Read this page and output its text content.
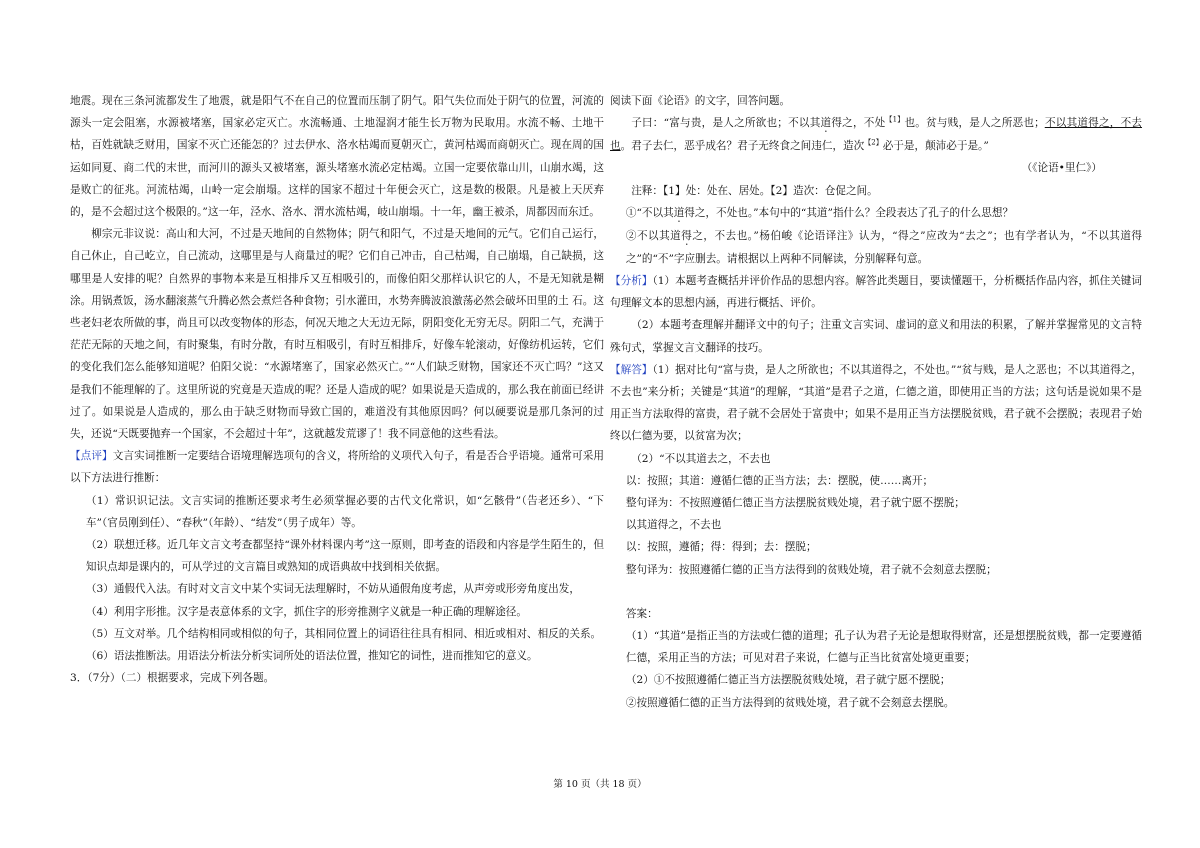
地震。现在三条河流都发生了地震，就是阳气不在自己的位置而压制了阴气。阳气失位而处于阴气的位置，河流的源头一定会阻塞，水源被堵塞，国家必定灭亡。水流畅通、土地湿润才能生长万物为民取用。水流不畅、土地干枯，百姓就缺乏财用，国家不灭亡还能怎的？过去伊水、洛水枯竭而夏朝灭亡，黄河枯竭而商朝灭亡。现在周的国运如同夏、商二代的末世，而河川的源头又被堵塞，源头堵塞水流必定枯竭。立国一定要依靠山川，山崩水竭，这是败亡的征兆。河流枯竭，山岭一定会崩塌。这样的国家不超过十年便会灭亡，这是数的极限。凡是被上天厌弃的，是不会超过这个极限的。”这一年，泾水、洛水、渭水流枯竭，岐山崩塌。十一年，幽王被杀，周都因而东迁。

柳宗元非议说：高山和大河，不过是天地间的自然物体；阴气和阳气，不过是天地间的元气。它们自己运行，自己休止，自己屹立，自己流动，这哪里是与人商量过的呢？它们自己冲击，自己枯竭，自己崩塌，自己缺损，这哪里是人安排的呢？自然界的事物本来是互相排斥又互相吸引的，而像伯阳父那样认识它的人，不是无知就是糊涂。用锅煮饭，汤水翻滚蒸气升腾必然会煮烂各种食物；引水灌田，水势奔腾波浪激荡必然会破坏田里的土 石。这些老妇老农所做的事，尚且可以改变物体的形态，何况天地之大无边无际，阴阳变化无穷无尽。阴阳二气，充满于茫茫无际的天地之间，有时聚集，有时分散，有时互相吸引，有时互相排斥，好像车轮滚动，好像纺机运转，它们的变化我们怎么能够知道呢？伯阳父说：“水源堵塞了，国家必然灭亡。”“人们缺乏财物，国家还不灭亡吗？”这又是我们不能理解的了。这里所说的究竟是天造成的呢？还是人造成的呢？如果说是天造成的，那么我在前面已经讲过了。如果说是人造成的，那么由于缺乏财物而导致亡国的，难道没有其他原因吗？何以硬要说是那几条河的过失，还说“天既要抛弃一个国家，不会超过十年”，这就越发荒谬了！我不同意他的这些看法。

【点评】文言实词推断一定要结合语境理解选项句的含义，将所给的义项代入句子，看是否合乎语境。通常可采用以下方法进行推断：

（1）常识识记法。文言实词的推断还要求考生必须掌握必要的古代文化常识，如“乞骸骨”（告老还乡）、“下车”（官员刚到任）、“春秋”（年龄）、“结发”（男子成年）等。

（2）联想迁移。近几年文言文考查都坚持“课外材料课内考”这一原则，即考查的语段和内容是学生陌生的，但知识点却是课内的，可从学过的文言篇目或熟知的成语典故中找到相关依据。

（3）通假代入法。有时对文言文中某个实词无法理解时，不妨从通假角度考虑，从声旁或形旁角度出发，

（4）利用字形推。汉字是表意体系的文字，抓住字的形旁推测字义就是一种正确的理解途径。

（5）互文对举。几个结构相同或相似的句子，其相同位置上的词语往往具有相同、相近或相对、相反的关系。

（6）语法推断法。用语法分析法分析实词所处的语法位置，推知它的词性，进而推知它的意义。

3．（7分）（二）根据要求，完成下列各题。

阅读下面《论语》的文字，回答问题。

子曰：“富与贵，是人之所欲也；不以其道得之，不处$^{【1】}$也。贫与贱，是人之所恶也；不以其道得之，不去也。君子去仁，恶乎成名？君子无终食之间违仁，造次$^{【2】}$必于是，颠沛必于是。”

（《论语•里仁》）

注释：【1】处：处在、居处。【2】造次：仓促之间。

①“不以其道得之，不处也。”本句中的“其道”指什么？全段表达了孔子的什么思想？

②不以其道得之，不去也。”杨伯峻《论语译注》认为，“得之”应改为“去之”；也有学者认为，“不以其道得之”的“不”字应删去。请根据以上两种不同解读，分别解释句意。

【分析】（1）本题考查概括并评价作品的思想内容。解答此类题目，要读懂题干，分析概括作品内容，抓住关键词句理解文本的思想内涵，再进行概括、评价。

（2）本题考查理解并翻译文中的句子；注重文言实词、虚词的意义和用法的积累，了解并掌握常见的文言特殊句式，掌握文言文翻译的技巧。

【解答】（1）据对比句“富与贵，是人之所欲也；不以其道得之，不处也。”“贫与贱，是人之恶也；不以其道得之，不去也”来分析；关键是“其道”的理解，“其道”是君子之道，仁德之道，即使用正当的方法；这句话是说如果不是用正当方法取得的富贵，君子就不会居处于富贵中；如果不是用正当方法摆脱贫贱，君子就不会摆脱；表现君子始终以仁德为要，以贫富为次；

（2）“不以其道去之，不去也

以：按照；其道：遵循仁德的正当方法；去：摆脱，使……离开；

整句译为：不按照遵循仁德正当方法摆脱贫贱处境，君子就宁愿不摆脱；

以其道得之，不去也

以：按照，遵循；得：得到；去：摆脱；

整句译为：按照遵循仁德的正当方法得到的贫贱处境，君子就不会刻意去摆脱；

答案：

（1）“其道”是指正当的方法或仁德的道理；孔子认为君子无论是想取得财富，还是想摆脱贫贱，都一定要遵循仁德，采用正当的方法；可见对君子来说，仁德与正当比贫富处境更重要；

（2）①不按照遵循仁德正当方法摆脱贫贱处境，君子就宁愿不摆脱；

②按照遵循仁德的正当方法得到的贫贱处境，君子就不会刻意去摆脱。

第 10 页（共 18 页）
